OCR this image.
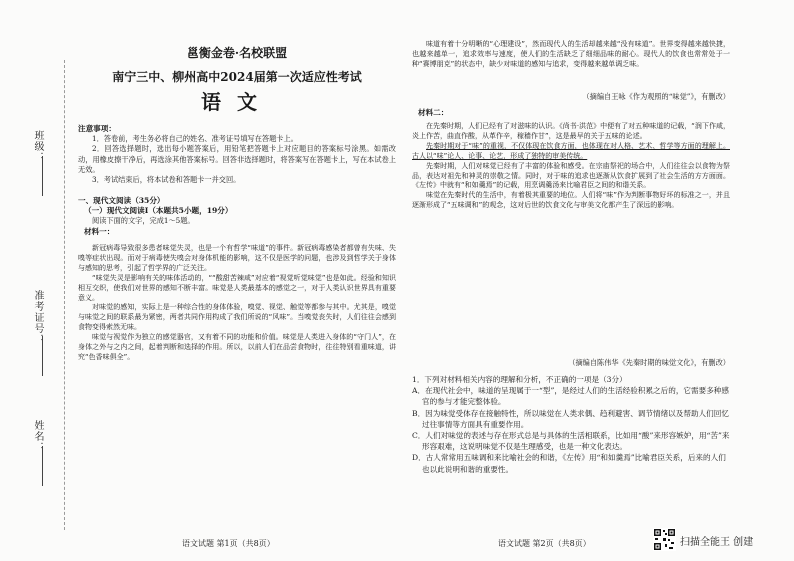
班级：
准考证号：
姓名：
邕衡金卷·名校联盟
南宁三中、柳州高中2024届第一次适应性考试
语文
注意事项：

1．答卷前，考生务必将自己的姓名、准考证号填写在答题卡上。

2．回答选择题时，选出每小题答案后，用铅笔把答题卡上对应题目的答案标号涂黑。如需改动，用橡皮擦干净后，再选涂其他答案标号。回答非选择题时，将答案写在答题卡上，写在本试卷上无效。

3．考试结束后，将本试卷和答题卡一并交回。

一、现代文阅读（35分）
（一）现代文阅读Ⅰ（本题共5小题，19分）

阅读下面的文字，完成1～5题。

材料一：

新冠病毒导致很多患者味觉失灵，也是一个有哲学“味道”的事件。新冠病毒感染者都曾有失味、失嗅等症状出现。而对于病毒使失嗅会对身体机能的影响，这不仅是医学的问题，也涉及到哲学关于身体与感知的思考，引起了哲学界的广泛关注。

“味觉失灵是影响有关的味体活动的，““酸甜苦辣咸”对应着“视觉听觉味觉”也是如此。经验和知识相互交织，使我们对世界的感知不断丰富。味觉是人类最基本的感觉之一，对于人类认识世界具有重要意义。

对味觉的感知，实际上是一种综合性的身体体验，嗅觉、视觉、触觉等都参与其中。尤其是，嗅觉与味觉之间的联系最为紧密，两者共同作用构成了我们所说的“风味”。当嗅觉丧失时，人们往往会感到食物变得索然无味。

味觉与视觉作为独立的感觉器官，又有着不同的功能和价值。味觉是人类进入身体的“守门人”，在身体之外与之内之间，起着判断和选择的作用。所以，以前人们在品尝食物时，往往特别看重味道，讲究“色香味俱全”。

语文试题 第1页（共8页）

味道有着十分明晰的“心理建设”，然而现代人的生活却越来越“没有味道”。世界变得越来越快捷，也越来越单一，追求效率与速度，使人们的生活缺乏了细细品味的耐心。现代人的饮食也常常处于一种“赛博朋克”的状态中，缺少对味道的感知与追求，变得越来越单调乏味。

（摘编自王咏《作为观照的“味觉”》，有删改）
材料二：

在先秦时期，人们已经有了对滋味的认识。《尚书·洪范》中便有了对五种味道的记载，“润下作咸，炎上作苦，曲直作酸，从革作辛，稼穑作甘”，这是最早的关于五味的论述。

先秦时期对于“味”的重视，不仅体现在饮食方面，也体现在对人格、艺术、哲学等方面的理解上。古人以“味”论人、论事、论艺，形成了独特的审美传统。

先秦时期，人们对味觉已经有了丰富的体验和感受。在宗庙祭祀的场合中，人们往往会以食物为祭品，表达对祖先和神灵的崇敬之情。同时，对于味的追求也逐渐从饮食扩展到了社会生活的方方面面。《左传》中就有“和如羹焉”的记载，用烹调羹汤来比喻君臣之间的和谐关系。

味觉在先秦时代的生活中，有着极其重要的地位。人们将“味”作为判断事物好坏的标准之一，并且逐渐形成了“五味调和”的观念，这对后世的饮食文化与审美文化都产生了深远的影响。

（摘编自陈伟华《先秦时期的味觉文化》，有删改）
1．下列对材料相关内容的理解和分析，不正确的一项是（3分）

A．在现代社会中，味道的呈现属于一“型”，是经过人们的生活经验积累之后的，它需要多种感官的参与才能完整体验。

B．因为味觉受体存在接触特性，所以味觉在人类求偶、趋利避害、调节情绪以及帮助人们回忆过往事情等方面具有重要作用。

C．人们对味觉的表述与存在形式总是与具体的生活相联系，比如用“酸”来形容嫉妒，用“苦”来形容艰难，这说明味觉不仅是生理感受，也是一种文化表达。

D．古人常常用五味调和来比喻社会的和谐，《左传》用“和如羹焉”比喻君臣关系，后来的人们也以此说明和谐的重要性。

语文试题 第2页（共8页）	扫描全能王 创建
